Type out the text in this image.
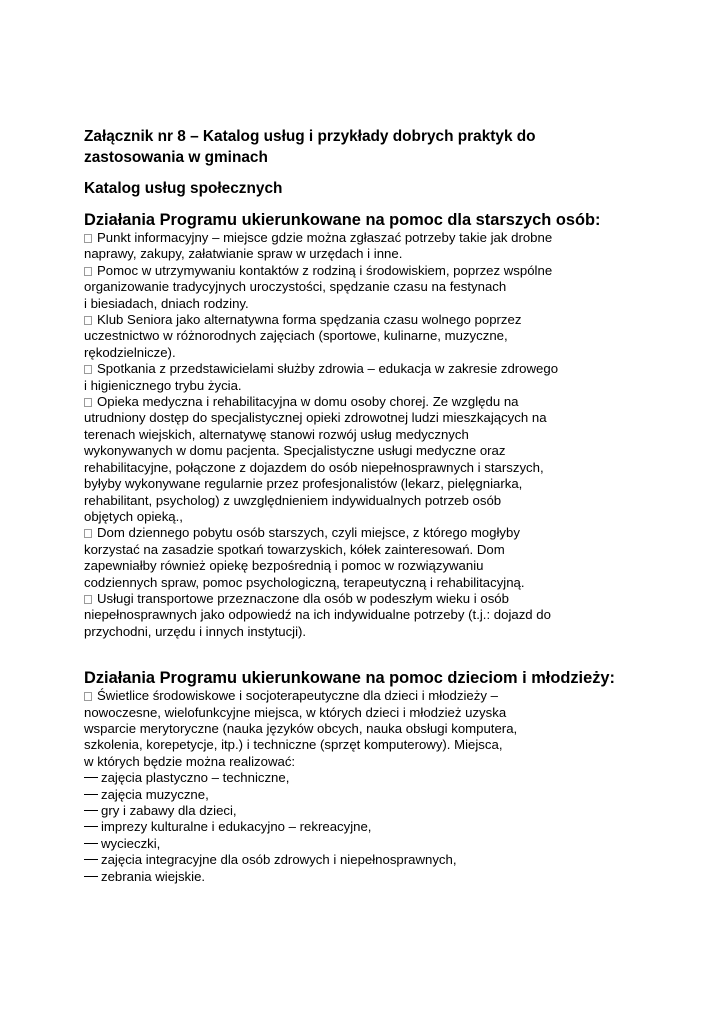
Załącznik nr 8 – Katalog usług i przykłady dobrych praktyk do
zastosowania w gminach
Katalog usług społecznych
Działania Programu ukierunkowane na pomoc dla starszych osób:
Punkt informacyjny – miejsce gdzie można zgłaszać potrzeby takie jak drobne
naprawy, zakupy, załatwianie spraw w urzędach i inne.
Pomoc w utrzymywaniu kontaktów z rodziną i środowiskiem, poprzez wspólne
organizowanie tradycyjnych uroczystości, spędzanie czasu na festynach
i biesiadach, dniach rodziny.
Klub Seniora jako alternatywna forma spędzania czasu wolnego poprzez
uczestnictwo w różnorodnych zajęciach (sportowe, kulinarne, muzyczne,
rękodzielnicze).
Spotkania z przedstawicielami służby zdrowia – edukacja w zakresie zdrowego
i higienicznego trybu życia.
Opieka medyczna i rehabilitacyjna w domu osoby chorej. Ze względu na
utrudniony dostęp do specjalistycznej opieki zdrowotnej ludzi mieszkających na
terenach wiejskich, alternatywę stanowi rozwój usług medycznych
wykonywanych w domu pacjenta. Specjalistyczne usługi medyczne oraz
rehabilitacyjne, połączone z dojazdem do osób niepełnosprawnych i starszych,
byłyby wykonywane regularnie przez profesjonalistów (lekarz, pielęgniarka,
rehabilitant, psycholog) z uwzględnieniem indywidualnych potrzeb osób
objętych opieką.,
Dom dziennego pobytu osób starszych, czyli miejsce, z którego mogłyby
korzystać na zasadzie spotkań towarzyskich, kółek zainteresowań. Dom
zapewniałby również opiekę bezpośrednią i pomoc w rozwiązywaniu
codziennych spraw, pomoc psychologiczną, terapeutyczną i rehabilitacyjną.
Usługi transportowe przeznaczone dla osób w podeszłym wieku i osób
niepełnosprawnych jako odpowiedź na ich indywidualne potrzeby (t.j.: dojazd do
przychodni, urzędu i innych instytucji).
Działania Programu ukierunkowane na pomoc dzieciom i młodzieży:
Świetlice środowiskowe i socjoterapeutyczne dla dzieci i młodzieży –
nowoczesne, wielofunkcyjne miejsca, w których dzieci i młodzież uzyska
wsparcie merytoryczne (nauka języków obcych, nauka obsługi komputera,
szkolenia, korepetycje, itp.) i techniczne (sprzęt komputerowy). Miejsca,
w których będzie można realizować:
zajęcia plastyczno – techniczne,
zajęcia muzyczne,
gry i zabawy dla dzieci,
imprezy kulturalne i edukacyjno – rekreacyjne,
wycieczki,
zajęcia integracyjne dla osób zdrowych i niepełnosprawnych,
zebrania wiejskie.
